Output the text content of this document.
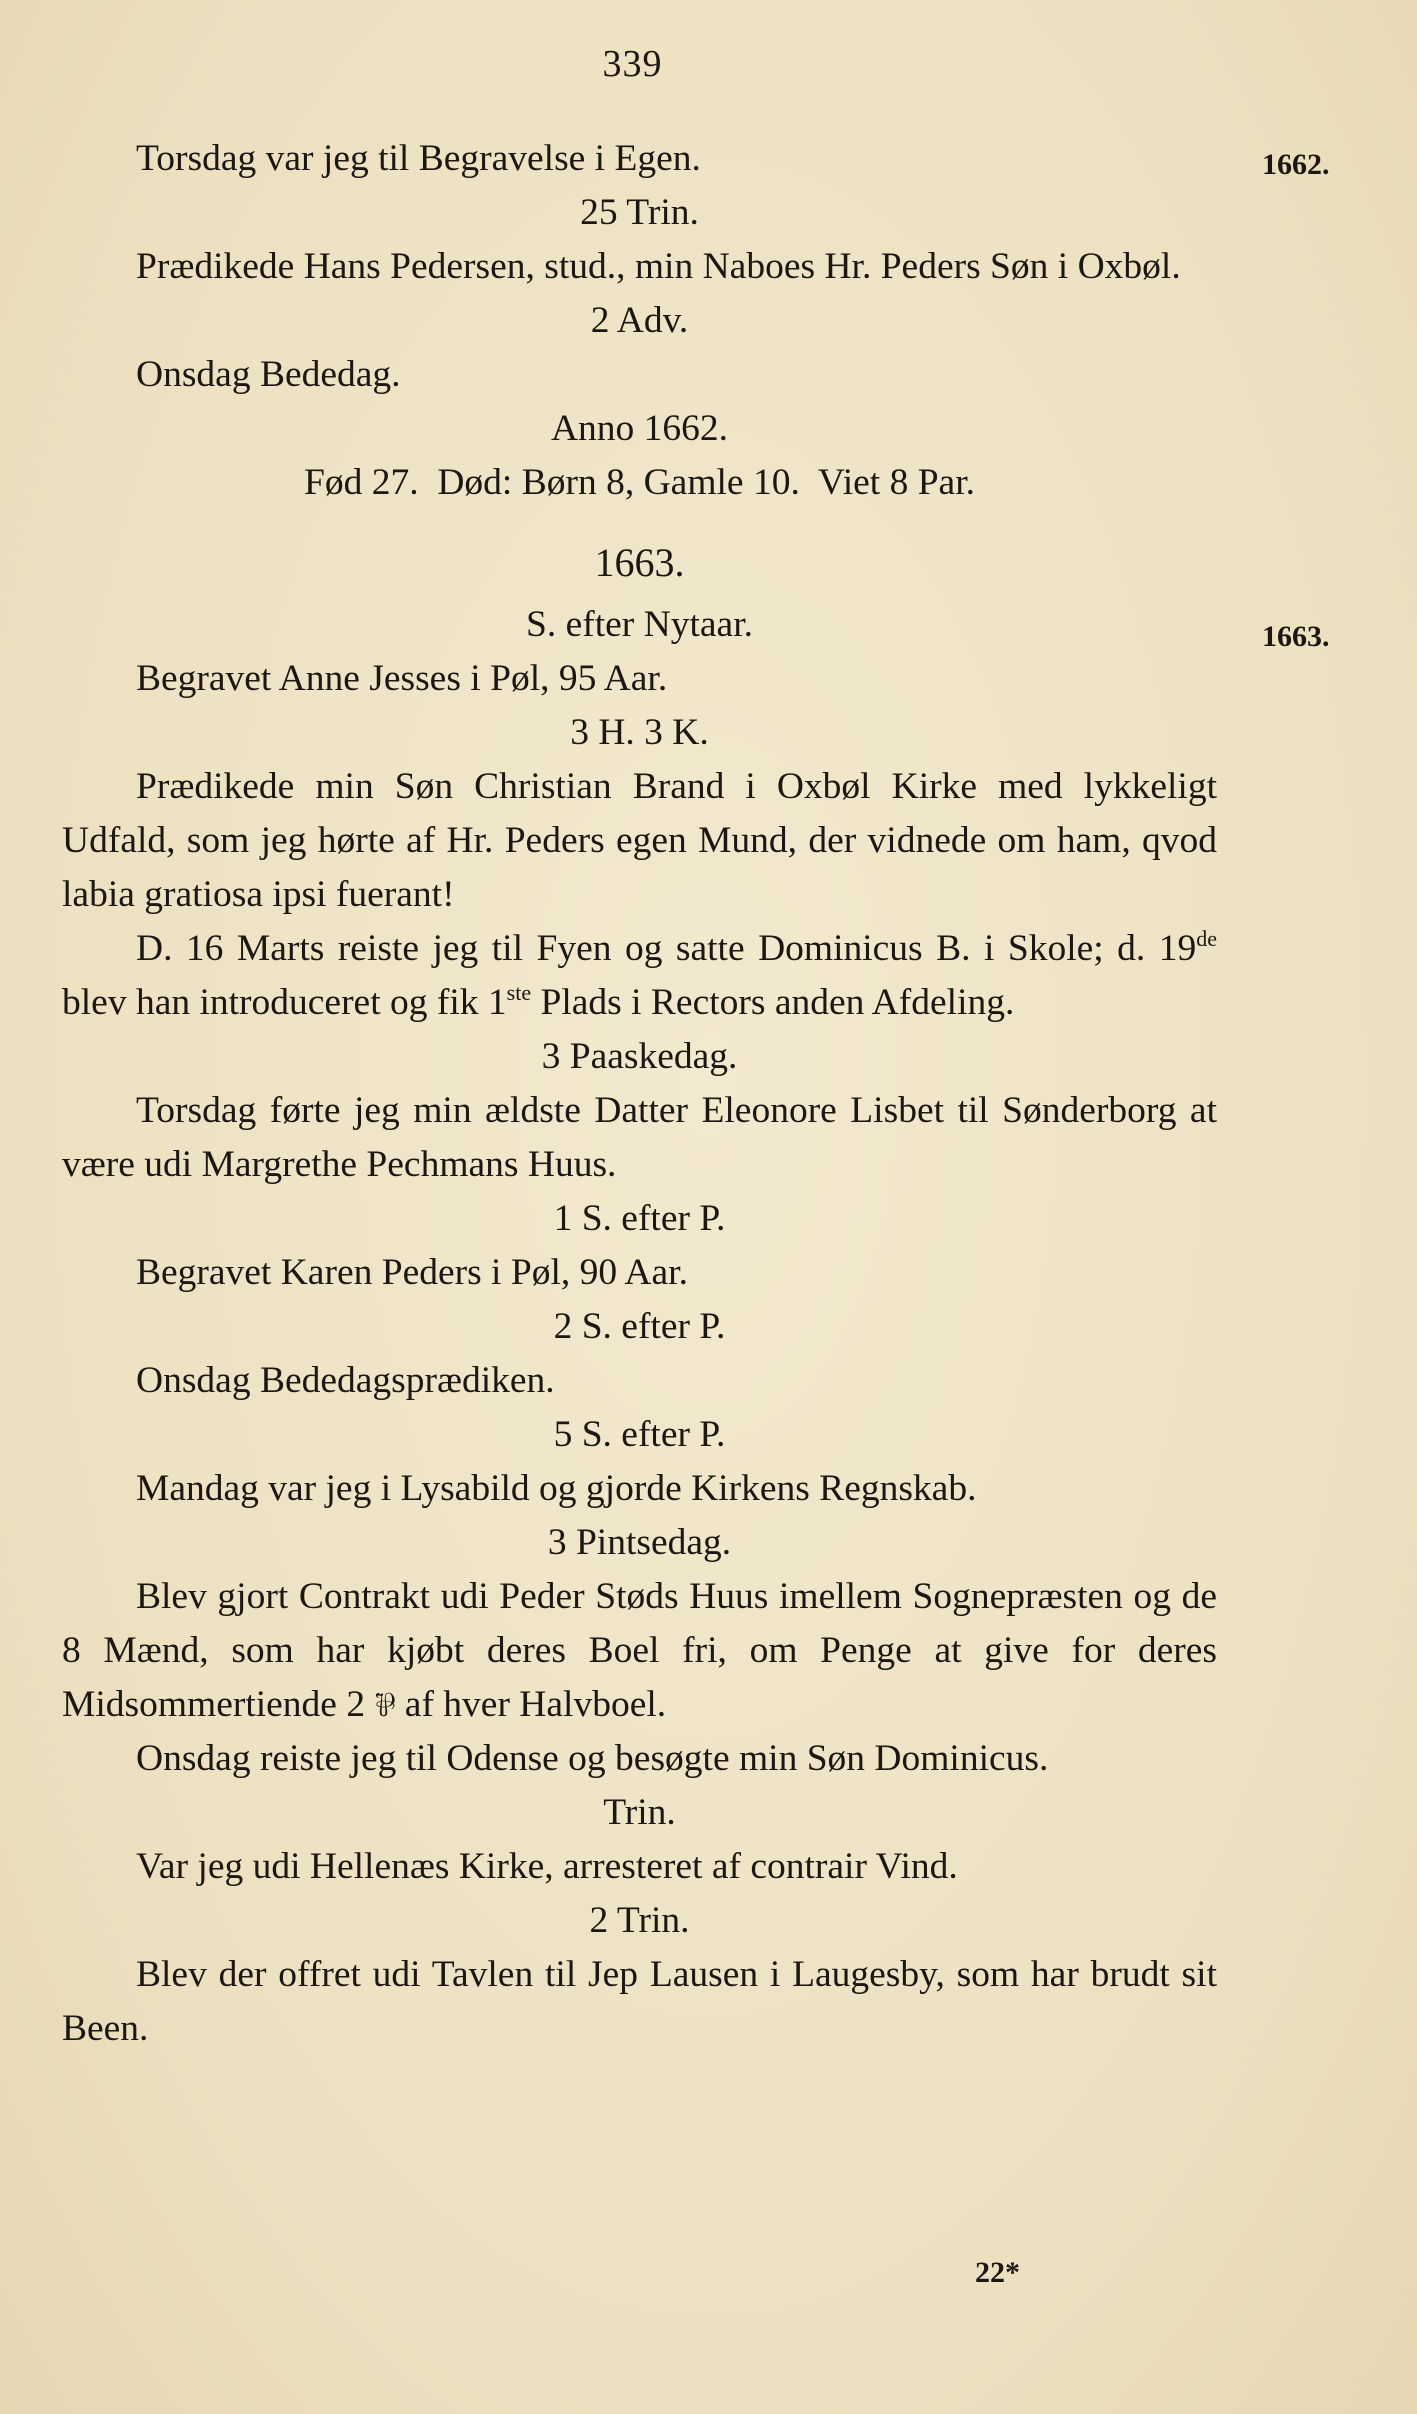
339
1662.
1663.

Torsdag var jeg til Begravelse i Egen.

25 Trin.

Prædikede Hans Pedersen, stud., min Naboes Hr. Peders Søn i Oxbøl.

2 Adv.

Onsdag Bededag.

Anno 1662.

Fød 27.  Død: Børn 8, Gamle 10.  Viet 8 Par.

1663.

S. efter Nytaar.

Begravet Anne Jesses i Pøl, 95 Aar.

3 H. 3 K.

Prædikede min Søn Christian Brand i Oxbøl Kirke med lykkeligt Udfald, som jeg hørte af Hr. Peders egen Mund, der vidnede om ham, qvod labia gratiosa ipsi fuerant!

D. 16 Marts reiste jeg til Fyen og satte Dominicus B. i Skole; d. 19de blev han introduceret og fik 1ste Plads i Rectors anden Afdeling.

3 Paaskedag.

Torsdag førte jeg min ældste Datter Eleonore Lisbet til Sønderborg at være udi Margrethe Pechmans Huus.

1 S. efter P.

Begravet Karen Peders i Pøl, 90 Aar.

2 S. efter P.

Onsdag Bededagsprædiken.

5 S. efter P.

Mandag var jeg i Lysabild og gjorde Kirkens Regnskab.

3 Pintsedag.

Blev gjort Contrakt udi Peder Støds Huus imellem Sognepræsten og de 8 Mænd, som har kjøbt deres Boel fri, om Penge at give for deres Midsommertiende 2 ⅌ af hver Halvboel.

Onsdag reiste jeg til Odense og besøgte min Søn Dominicus.

Trin.

Var jeg udi Hellenæs Kirke, arresteret af contrair Vind.

2 Trin.

Blev der offret udi Tavlen til Jep Lausen i Laugesby, som har brudt sit Been.

22*
